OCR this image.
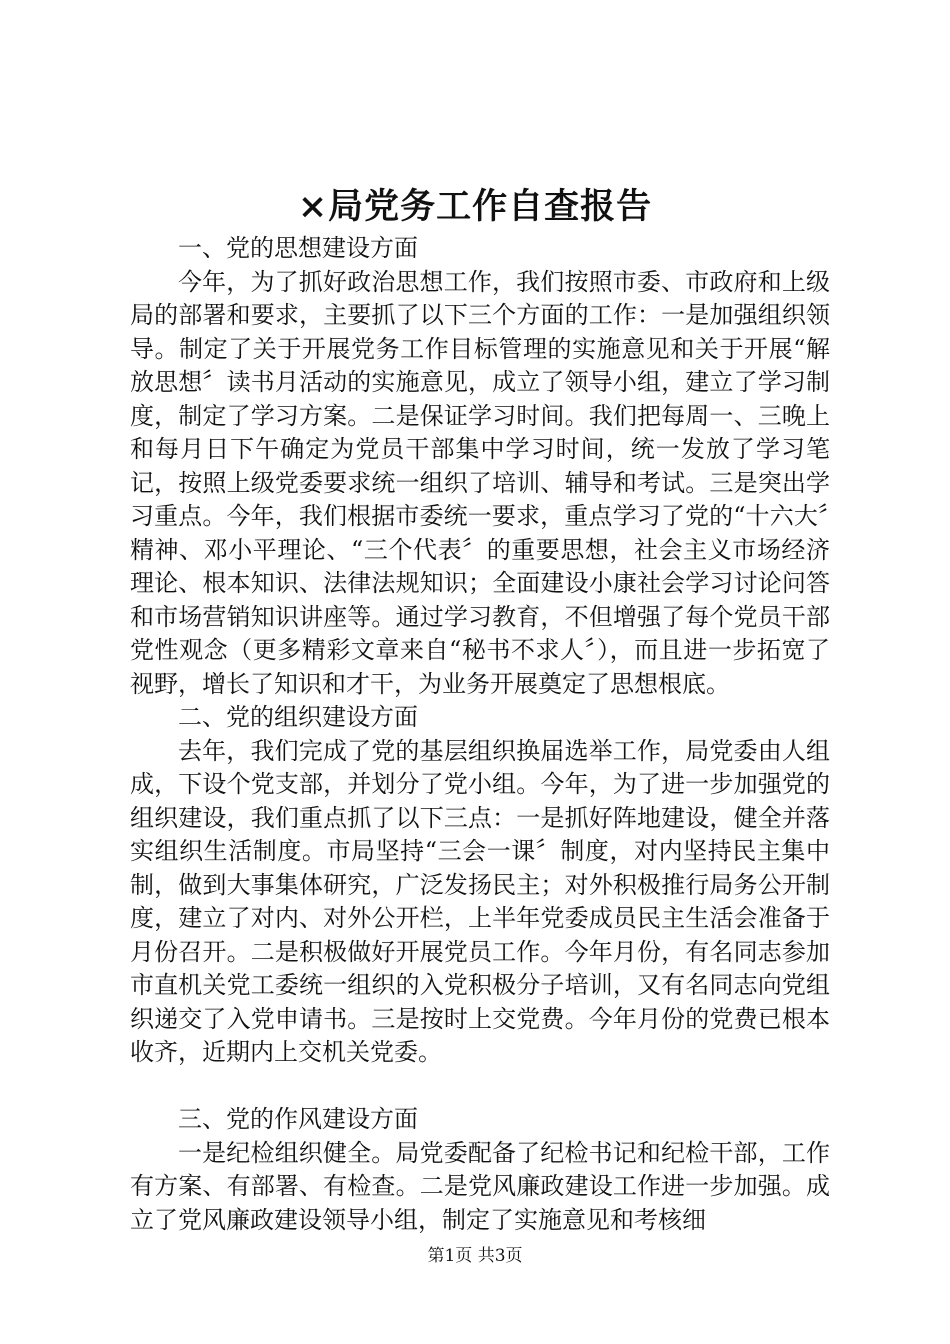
×局党务工作自查报告

一、党的思想建设方面

今年，为了抓好政治思想工作，我们按照市委、市政府和上级局的部署和要求，主要抓了以下三个方面的工作：一是加强组织领导。制定了关于开展党务工作目标管理的实施意见和关于开展“解放思想〞读书月活动的实施意见，成立了领导小组，建立了学习制度，制定了学习方案。二是保证学习时间。我们把每周一、三晚上和每月日下午确定为党员干部集中学习时间，统一发放了学习笔记，按照上级党委要求统一组织了培训、辅导和考试。三是突出学习重点。今年，我们根据市委统一要求，重点学习了党的“十六大〞精神、邓小平理论、“三个代表〞的重要思想，社会主义市场经济理论、根本知识、法律法规知识；全面建设小康社会学习讨论问答和市场营销知识讲座等。通过学习教育，不但增强了每个党员干部党性观念（更多精彩文章来自“秘书不求人〞），而且进一步拓宽了视野，增长了知识和才干，为业务开展奠定了思想根底。

二、党的组织建设方面

去年，我们完成了党的基层组织换届选举工作，局党委由人组成，下设个党支部，并划分了党小组。今年，为了进一步加强党的组织建设，我们重点抓了以下三点：一是抓好阵地建设，健全并落实组织生活制度。市局坚持“三会一课〞制度，对内坚持民主集中制，做到大事集体研究，广泛发扬民主；对外积极推行局务公开制度，建立了对内、对外公开栏，上半年党委成员民主生活会准备于月份召开。二是积极做好开展党员工作。今年月份，有名同志参加市直机关党工委统一组织的入党积极分子培训，又有名同志向党组织递交了入党申请书。三是按时上交党费。今年月份的党费已根本收齐，近期内上交机关党委。

三、党的作风建设方面

一是纪检组织健全。局党委配备了纪检书记和纪检干部，工作有方案、有部署、有检查。二是党风廉政建设工作进一步加强。成立了党风廉政建设领导小组，制定了实施意见和考核细

第1页 共3页
